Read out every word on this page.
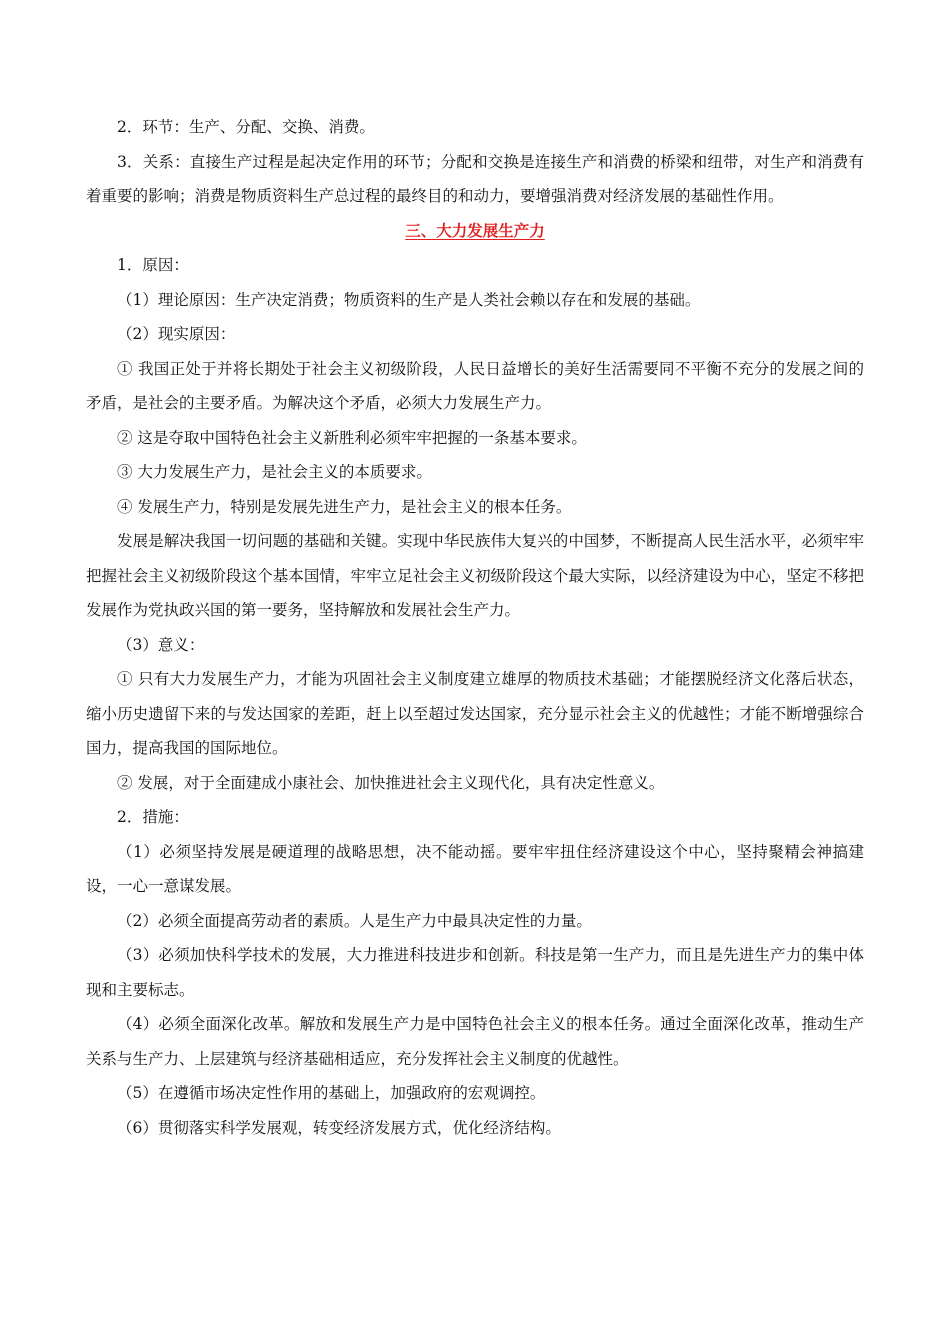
2．环节：生产、分配、交换、消费。

3．关系：直接生产过程是起决定作用的环节；分配和交换是连接生产和消费的桥梁和纽带，对生产和消费有着重要的影响；消费是物质资料生产总过程的最终目的和动力，要增强消费对经济发展的基础性作用。

三、大力发展生产力

1．原因：

（1）理论原因：生产决定消费；物质资料的生产是人类社会赖以存在和发展的基础。

（2）现实原因：

① 我国正处于并将长期处于社会主义初级阶段，人民日益增长的美好生活需要同不平衡不充分的发展之间的矛盾，是社会的主要矛盾。为解决这个矛盾，必须大力发展生产力。

② 这是夺取中国特色社会主义新胜利必须牢牢把握的一条基本要求。

③ 大力发展生产力，是社会主义的本质要求。

④ 发展生产力，特别是发展先进生产力，是社会主义的根本任务。

发展是解决我国一切问题的基础和关键。实现中华民族伟大复兴的中国梦，不断提高人民生活水平，必须牢牢把握社会主义初级阶段这个基本国情，牢牢立足社会主义初级阶段这个最大实际，以经济建设为中心，坚定不移把发展作为党执政兴国的第一要务，坚持解放和发展社会生产力。

（3）意义：

① 只有大力发展生产力，才能为巩固社会主义制度建立雄厚的物质技术基础；才能摆脱经济文化落后状态，缩小历史遗留下来的与发达国家的差距，赶上以至超过发达国家，充分显示社会主义的优越性；才能不断增强综合国力，提高我国的国际地位。

② 发展，对于全面建成小康社会、加快推进社会主义现代化，具有决定性意义。

2．措施：

（1）必须坚持发展是硬道理的战略思想，决不能动摇。要牢牢扭住经济建设这个中心，坚持聚精会神搞建设，一心一意谋发展。

（2）必须全面提高劳动者的素质。人是生产力中最具决定性的力量。

（3）必须加快科学技术的发展，大力推进科技进步和创新。科技是第一生产力，而且是先进生产力的集中体现和主要标志。

（4）必须全面深化改革。解放和发展生产力是中国特色社会主义的根本任务。通过全面深化改革，推动生产关系与生产力、上层建筑与经济基础相适应，充分发挥社会主义制度的优越性。

（5）在遵循市场决定性作用的基础上，加强政府的宏观调控。

（6）贯彻落实科学发展观，转变经济发展方式，优化经济结构。
